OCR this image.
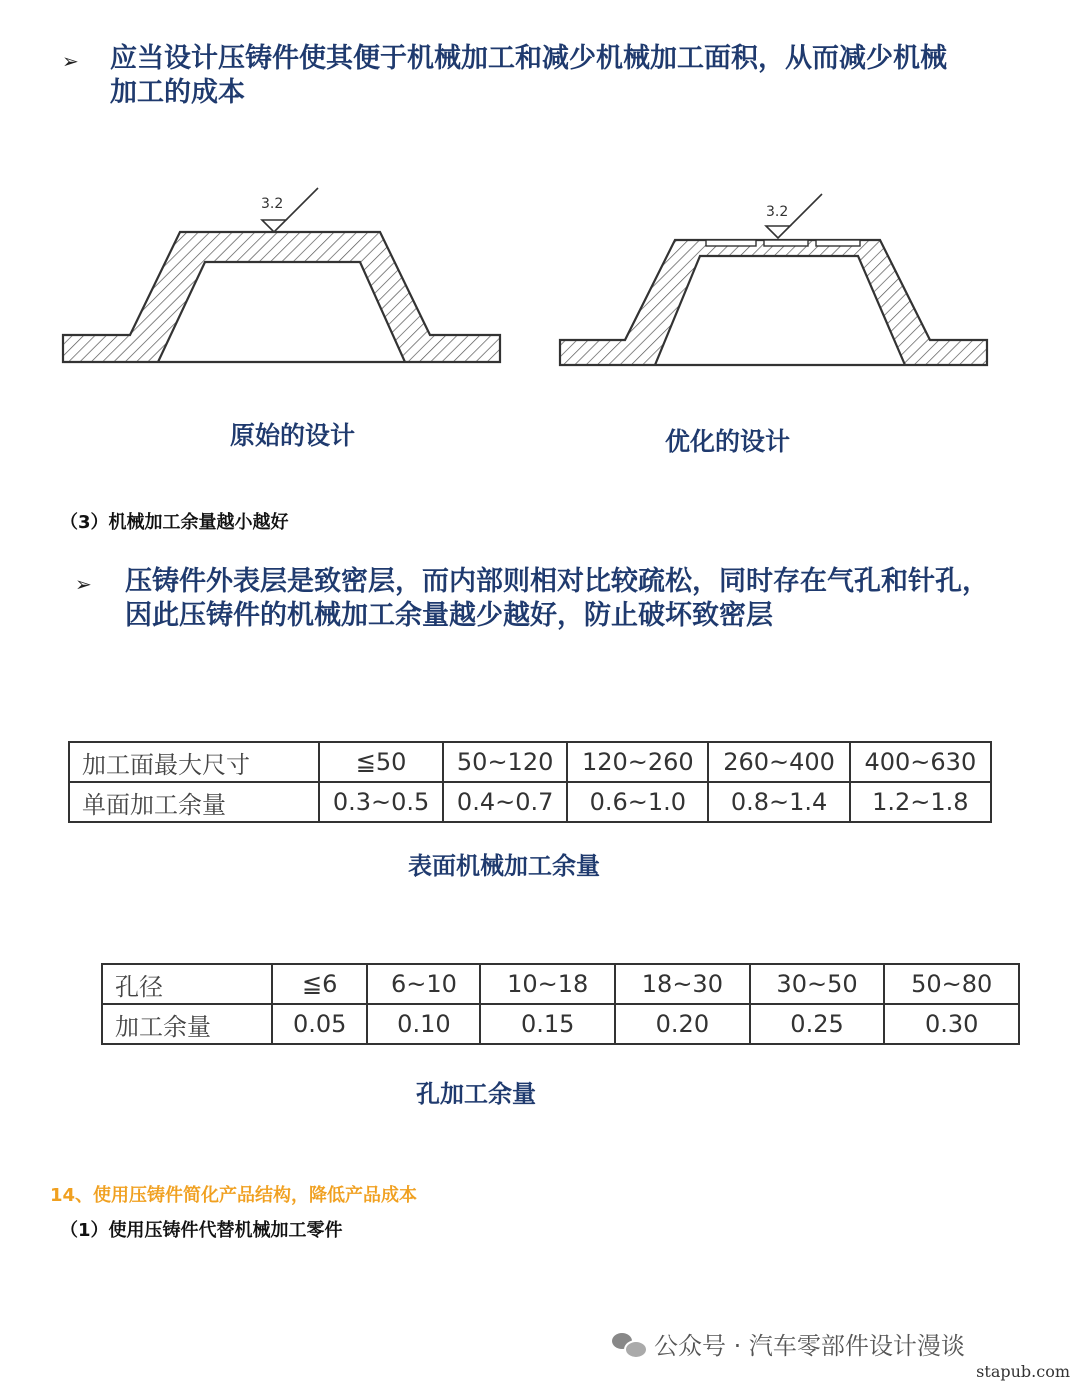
➢ 应当设计压铸件使其便于机械加工和减少机械加工面积，从而减少机械
加工的成本
3.2	3.2
原始的设计	优化的设计
（3）机械加工余量越小越好
➢ 压铸件外表层是致密层，而内部则相对比较疏松，同时存在气孔和针孔，
因此压铸件的机械加工余量越少越好，防止破坏致密层
加工面最大尺寸	≦50	50~120	120~260	260~400	400~630
单面加工余量	0.3~0.5	0.4~0.7	0.6~1.0	0.8~1.4	1.2~1.8
表面机械加工余量
孔径	≦6	6~10	10~18	18~30	30~50	50~80
加工余量	0.05	0.10	0.15	0.20	0.25	0.30
孔加工余量
14、使用压铸件简化产品结构，降低产品成本
（1）使用压铸件代替机械加工零件
公众号 · 汽车零部件设计漫谈
stapub.com
